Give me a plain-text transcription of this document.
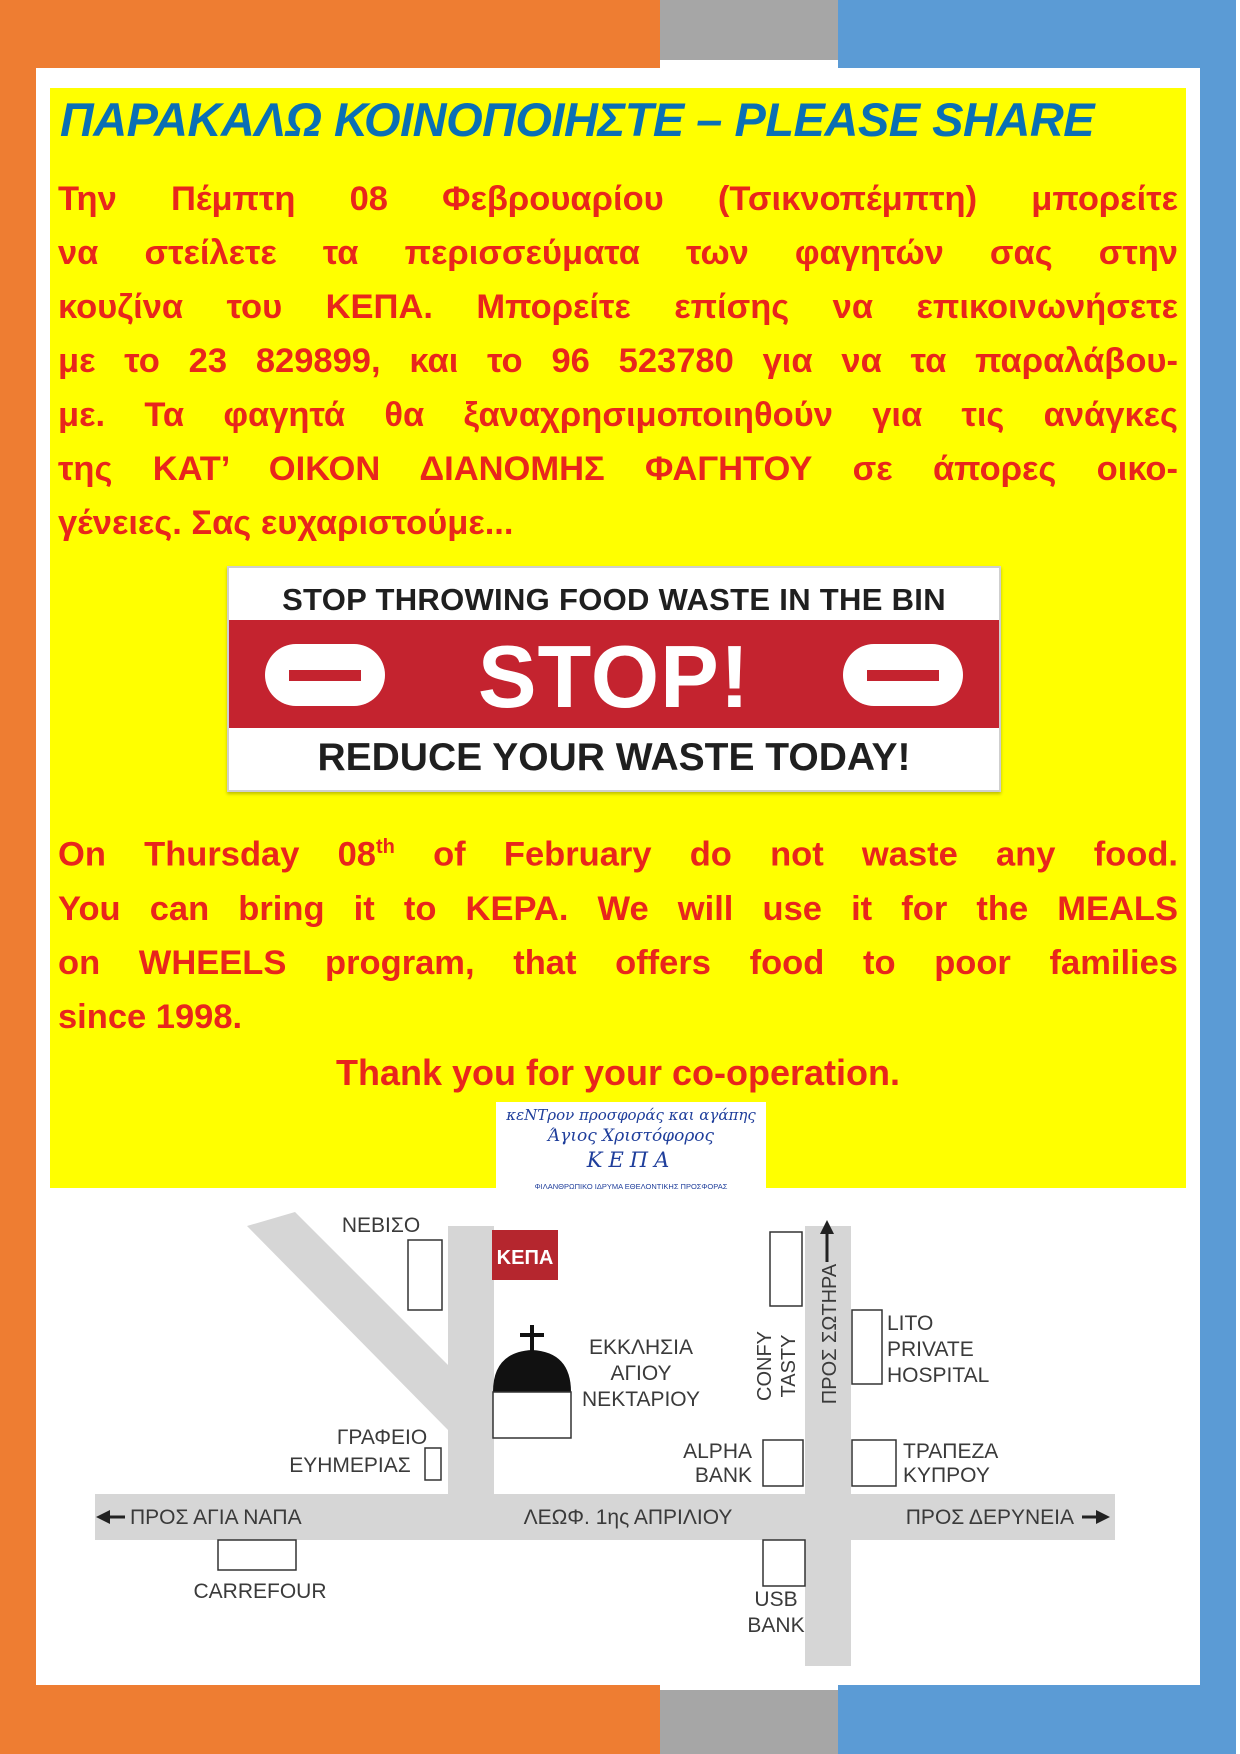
ΠΑΡΑΚΑΛΩ ΚΟΙΝΟΠΟΙΗΣΤΕ – PLEASE SHARE
Την Πέμπτη 08 Φεβρουαρίου (Τσικνοπέμπτη) μπορείτε
να στείλετε τα περισσεύματα των φαγητών σας στην
κουζίνα του ΚΕΠΑ. Μπορείτε επίσης να επικοινωνήσετε
με το 23 829899, και το 96 523780 για να τα παραλάβου-
με. Τα φαγητά θα ξαναχρησιμοποιηθούν για τις ανάγκες
της ΚΑΤ’ ΟΙΚΟΝ ΔΙΑΝΟΜΗΣ ΦΑΓΗΤΟΥ σε άπορες οικο-
γένειες. Σας ευχαριστούμε...
STOP THROWING FOOD WASTE IN THE BIN
STOP!
REDUCE YOUR WASTE TODAY!
On Thursday 08th of February do not waste any food.
You can bring it to KEPA. We will use it for the MEALS
on WHEELS program, that offers food to poor families
since 1998.
Thank you for your co-operation.
ΚΕΠΑ
ΝΕΒΙΣΟ
ΕΚΚΛΗΣΙΑ
ΑΓΙΟΥ
ΝΕΚΤΑΡΙΟΥ	CONFY TASTY ΠΡΟΣ ΣΩΤΗΡΑ LITO
PRIVATE
HOSPITAL
ΓΡΑΦΕΙΟ
ΕΥΗΜΕΡΙΑΣ
ALPHA
BANK
ΤΡΑΠΕΖΑ
ΚΥΠΡΟΥ
ΠΡΟΣ ΑΓΙΑ ΝΑΠΑ	ΛΕΩΦ. 1ης ΑΠΡΙΛΙΟΥ	ΠΡΟΣ ΔΕΡΥΝΕΙΑ
CARREFOUR	USB
BANK
κεΝΤρον προσφοράς και αγάπης
Άγιος Χριστόφορος
ΚΕΠΑ
ΦΙΛΑΝΘΡΩΠΙΚΟ ΙΔΡΥΜΑ ΕΘΕΛΟΝΤΙΚΗΣ ΠΡΟΣΦΟΡΑΣ
